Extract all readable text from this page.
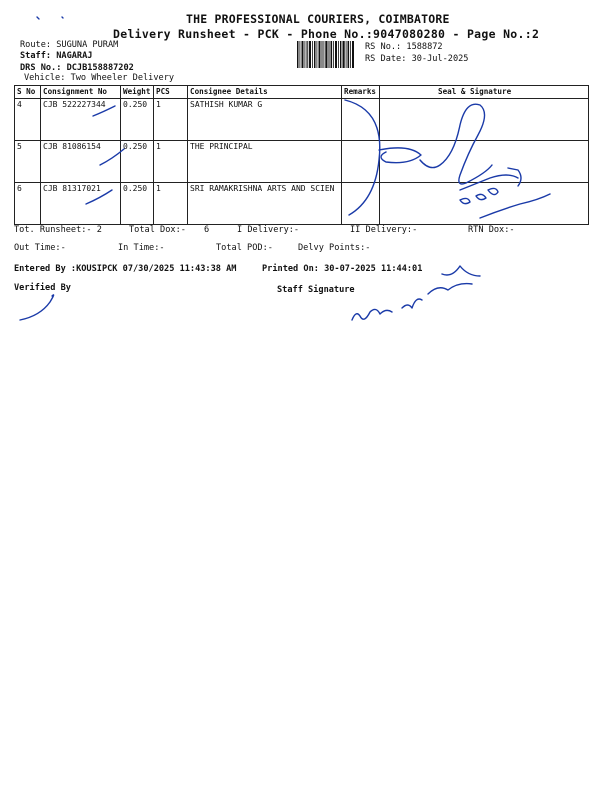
THE PROFESSIONAL COURIERS, COIMBATORE
Delivery Runsheet - PCK - Phone No.:9047080280 - Page No.:2
Route: SUGUNA PURAM
Staff: NAGARAJ
DRS No.: DCJB158887202
Vehicle: Two Wheeler Delivery
RS No.: 1588872
RS Date: 30-Jul-2025
S No	Consignment No	Weight	PCS	Consignee Details	Remarks	Seal & Signature
4	CJB 522227344	0.250	1	SATHISH KUMAR G		
5	CJB 81086154	0.250	1	THE PRINCIPAL		
6	CJB 81317021	0.250	1	SRI RAMAKRISHNA ARTS AND SCIEN		
Tot. Runsheet:- 2	Total Dox:- 6	I Delivery:-	II Delivery:-	RTN Dox:-
Out Time:-	In Time:-	Total POD:-	Delvy Points:-
Entered By :KOUSIPCK 07/30/2025 11:43:38 AM	Printed On: 30-07-2025 11:44:01
Verified By	Staff Signature
